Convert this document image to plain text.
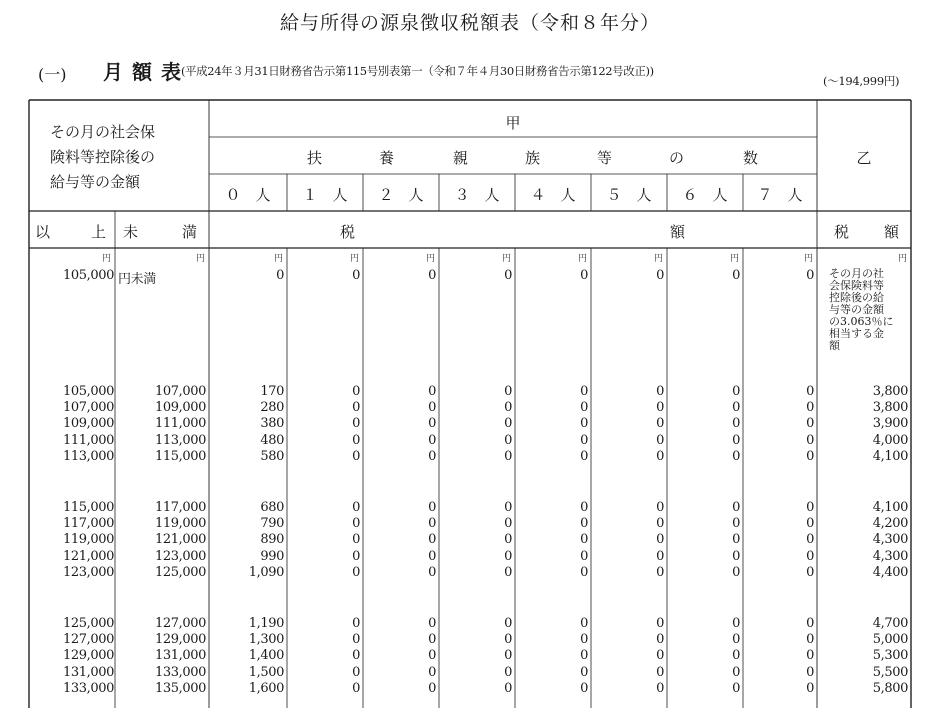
給与所得の源泉徴収税額表（令和８年分）
(一) 月額表
(平成24年３月31日財務省告示第115号別表第一（令和７年４月30日財務省告示第122号改正))
(～194,999円)
その月の社会保
険料等控除後の
給与等の金額
甲
扶	養	親	族	等	の	数	乙
０　人	１　人	２　人	３　人	４　人	５　人	６　人	７　人
以	上 未	満	税	額	税 額
円	円	円	円	円	円	円	円	円	円	円
105,000 円未満	0	0	0	0	0	0	0	0 その月の社
会保険料等
控除後の給
与等の金額
の3.063％に
相当する金
額
105,000	107,000	170	0	0	0	0	0	0	0	3,800
107,000	109,000	280	0	0	0	0	0	0	0	3,800
109,000	111,000	380	0	0	0	0	0	0	0	3,900
111,000	113,000	480	0	0	0	0	0	0	0	4,000
113,000	115,000	580	0	0	0	0	0	0	0	4,100
115,000	117,000	680	0	0	0	0	0	0	0	4,100
117,000	119,000	790	0	0	0	0	0	0	0	4,200
119,000	121,000	890	0	0	0	0	0	0	0	4,300
121,000	123,000	990	0	0	0	0	0	0	0	4,300
123,000	125,000	1,090	0	0	0	0	0	0	0	4,400
125,000	127,000	1,190	0	0	0	0	0	0	0	4,700
127,000	129,000	1,300	0	0	0	0	0	0	0	5,000
129,000	131,000	1,400	0	0	0	0	0	0	0	5,300
131,000	133,000	1,500	0	0	0	0	0	0	0	5,500
133,000	135,000	1,600	0	0	0	0	0	0	0	5,800
